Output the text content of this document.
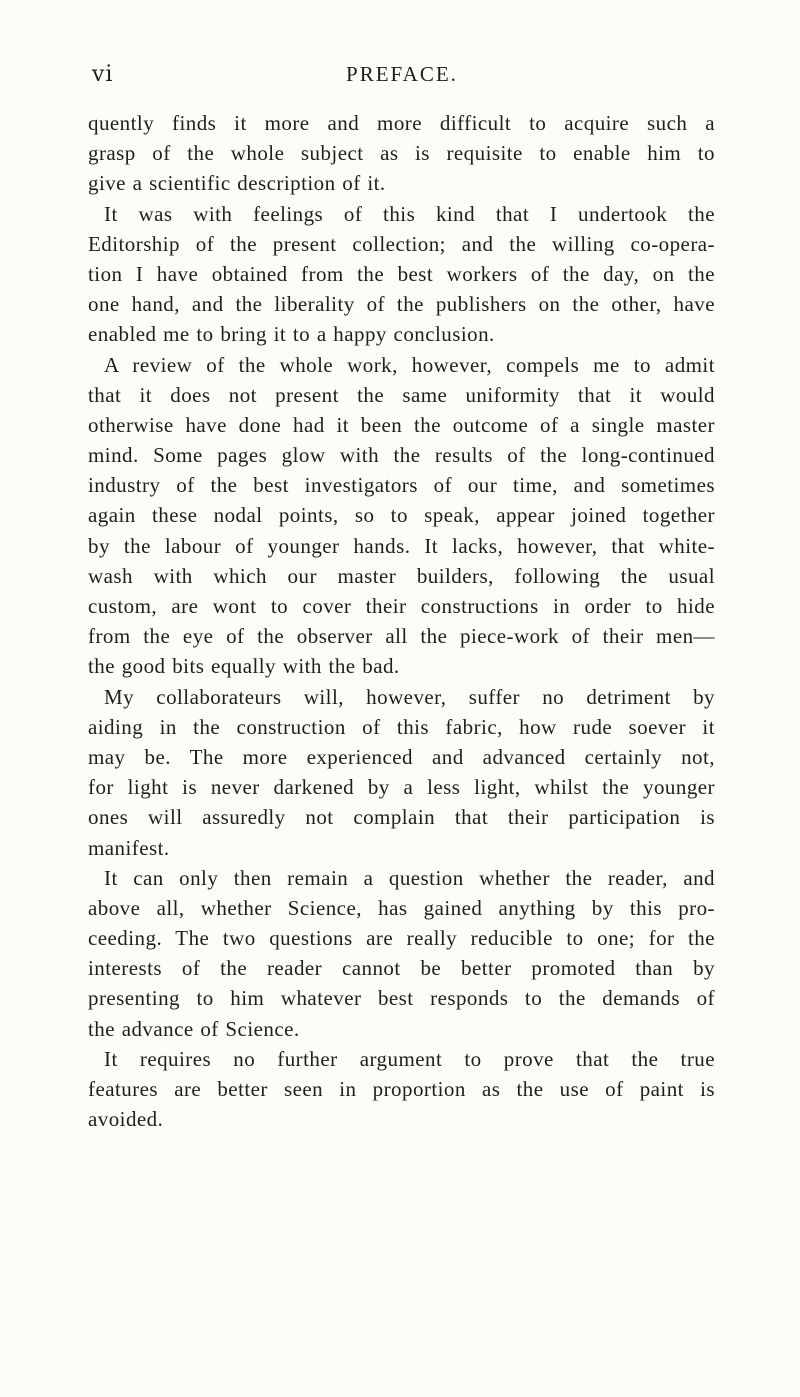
vi	PREFACE.
quently finds it more and more difficult to acquire such a
grasp of the whole subject as is requisite to enable him to
give a scientific description of it.
It was with feelings of this kind that I undertook the
Editorship of the present collection; and the willing co-opera-
tion I have obtained from the best workers of the day, on the
one hand, and the liberality of the publishers on the other, have
enabled me to bring it to a happy conclusion.
A review of the whole work, however, compels me to admit
that it does not present the same uniformity that it would
otherwise have done had it been the outcome of a single master
mind. Some pages glow with the results of the long-continued
industry of the best investigators of our time, and sometimes
again these nodal points, so to speak, appear joined together
by the labour of younger hands. It lacks, however, that white-
wash with which our master builders, following the usual
custom, are wont to cover their constructions in order to hide
from the eye of the observer all the piece-work of their men—
the good bits equally with the bad.
My collaborateurs will, however, suffer no detriment by
aiding in the construction of this fabric, how rude soever it
may be. The more experienced and advanced certainly not,
for light is never darkened by a less light, whilst the younger
ones will assuredly not complain that their participation is
manifest.
It can only then remain a question whether the reader, and
above all, whether Science, has gained anything by this pro-
ceeding. The two questions are really reducible to one; for the
interests of the reader cannot be better promoted than by
presenting to him whatever best responds to the demands of
the advance of Science.
It requires no further argument to prove that the true
features are better seen in proportion as the use of paint is
avoided.
